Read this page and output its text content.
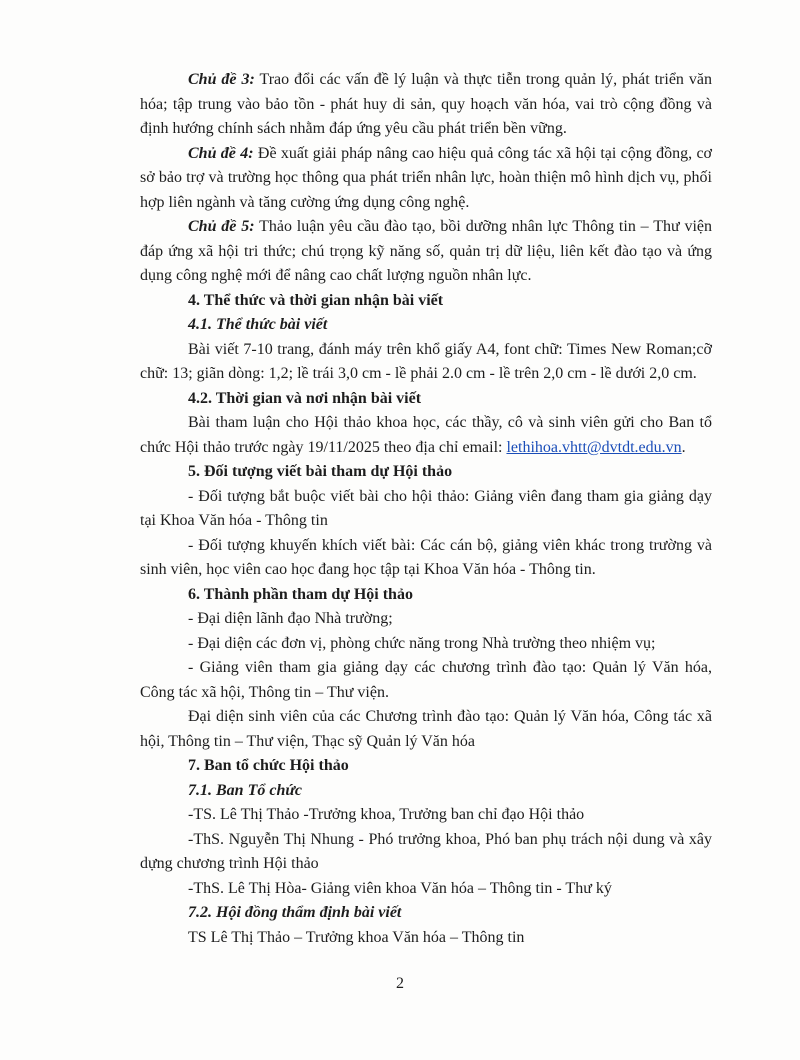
Chủ đề 3: Trao đổi các vấn đề lý luận và thực tiễn trong quản lý, phát triển văn hóa; tập trung vào bảo tồn - phát huy di sản, quy hoạch văn hóa, vai trò cộng đồng và định hướng chính sách nhằm đáp ứng yêu cầu phát triển bền vững.

Chủ đề 4: Đề xuất giải pháp nâng cao hiệu quả công tác xã hội tại cộng đồng, cơ sở bảo trợ và trường học thông qua phát triển nhân lực, hoàn thiện mô hình dịch vụ, phối hợp liên ngành và tăng cường ứng dụng công nghệ.

Chủ đề 5: Thảo luận yêu cầu đào tạo, bồi dưỡng nhân lực Thông tin – Thư viện đáp ứng xã hội tri thức; chú trọng kỹ năng số, quản trị dữ liệu, liên kết đào tạo và ứng dụng công nghệ mới để nâng cao chất lượng nguồn nhân lực.

4. Thể thức và thời gian nhận bài viết

4.1. Thể thức bài viết

Bài viết 7-10 trang, đánh máy trên khổ giấy A4, font chữ: Times New Roman;cỡ chữ: 13; giãn dòng: 1,2; lề trái 3,0 cm - lề phải 2.0 cm - lề trên 2,0 cm - lề dưới 2,0 cm.

4.2. Thời gian và nơi nhận bài viết

Bài tham luận cho Hội thảo khoa học, các thầy, cô và sinh viên gửi cho Ban tổ chức Hội thảo trước ngày 19/11/2025 theo địa chỉ email: lethihoa.vhtt@dvtdt.edu.vn.

5. Đối tượng viết bài tham dự Hội thảo

- Đối tượng bắt buộc viết bài cho hội thảo: Giảng viên đang tham gia giảng dạy tại Khoa Văn hóa - Thông tin

- Đối tượng khuyến khích viết bài: Các cán bộ, giảng viên khác trong trường và sinh viên, học viên cao học đang học tập tại Khoa Văn hóa - Thông tin.

6. Thành phần tham dự Hội thảo

- Đại diện lãnh đạo Nhà trường;

- Đại diện các đơn vị, phòng chức năng trong Nhà trường theo nhiệm vụ;

- Giảng viên tham gia giảng dạy các chương trình đào tạo: Quản lý Văn hóa, Công tác xã hội, Thông tin – Thư viện.

Đại diện sinh viên của các Chương trình đào tạo: Quản lý Văn hóa, Công tác xã hội, Thông tin – Thư viện, Thạc sỹ Quản lý Văn hóa

7. Ban tổ chức Hội thảo

7.1. Ban Tổ chức

-TS. Lê Thị Thảo -Trưởng khoa, Trưởng ban chỉ đạo Hội thảo

-ThS. Nguyễn Thị Nhung - Phó trưởng khoa, Phó ban phụ trách nội dung và xây dựng chương trình Hội thảo

-ThS. Lê Thị Hòa- Giảng viên khoa Văn hóa – Thông tin - Thư ký

7.2. Hội đồng thẩm định bài viết

TS Lê Thị Thảo – Trưởng khoa Văn hóa – Thông tin

2
